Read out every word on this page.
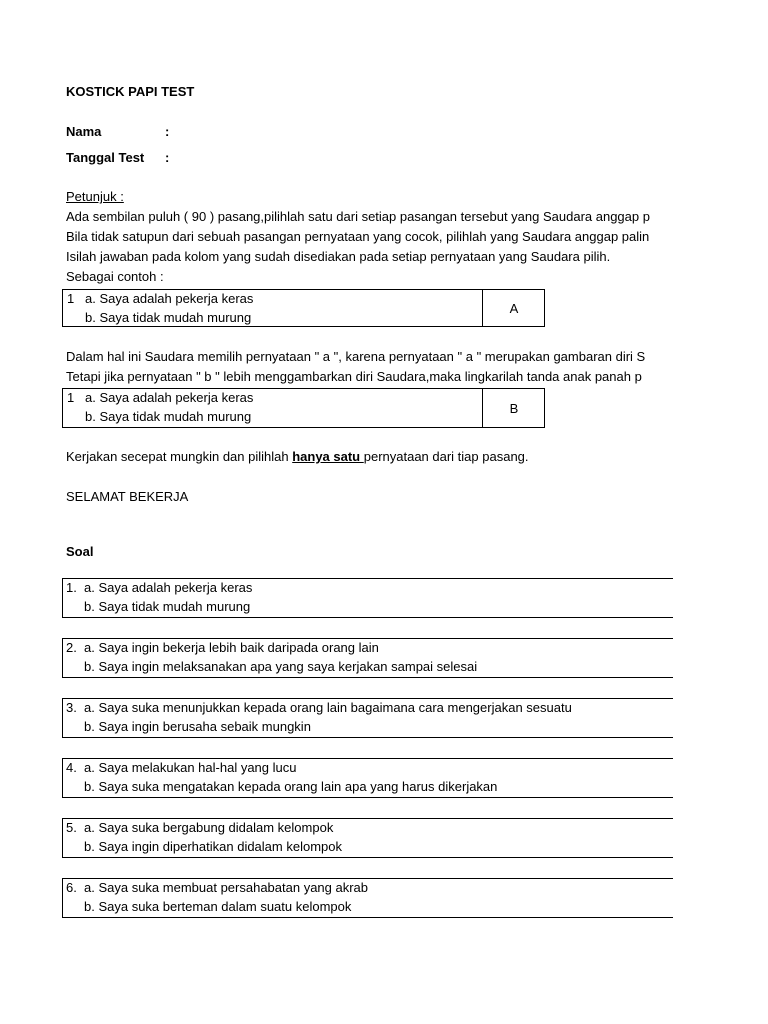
KOSTICK PAPI TEST
Nama	:
Tanggal Test :
Petunjuk :
Ada sembilan puluh ( 90 ) pasang,pilihlah satu dari setiap pasangan tersebut yang Saudara anggap p
Bila tidak satupun dari sebuah pasangan pernyataan yang cocok, pilihlah yang Saudara anggap palin
Isilah jawaban pada kolom yang sudah disediakan pada setiap pernyataan yang Saudara pilih.
Sebagai contoh :
1 a. Saya adalah pekerja keras
b. Saya tidak mudah murung
A
Dalam hal ini Saudara memilih pernyataan " a ", karena pernyataan " a " merupakan gambaran diri S
Tetapi jika pernyataan " b " lebih menggambarkan diri Saudara,maka lingkarilah tanda anak panah p
1 a. Saya adalah pekerja keras
b. Saya tidak mudah murung
B
Kerjakan secepat mungkin dan pilihlah hanya satu pernyataan dari tiap pasang.
SELAMAT BEKERJA
Soal
1. a. Saya adalah pekerja keras
b. Saya tidak mudah murung
2. a. Saya ingin bekerja lebih baik daripada orang lain
b. Saya ingin melaksanakan apa yang saya kerjakan sampai selesai
3. a. Saya suka menunjukkan kepada orang lain bagaimana cara mengerjakan sesuatu
b. Saya ingin berusaha sebaik mungkin
4. a. Saya melakukan hal-hal yang lucu
b. Saya suka mengatakan kepada orang lain apa yang harus dikerjakan
5. a. Saya suka bergabung didalam kelompok
b. Saya ingin diperhatikan didalam kelompok
6. a. Saya suka membuat persahabatan yang akrab
b. Saya suka berteman dalam suatu kelompok
